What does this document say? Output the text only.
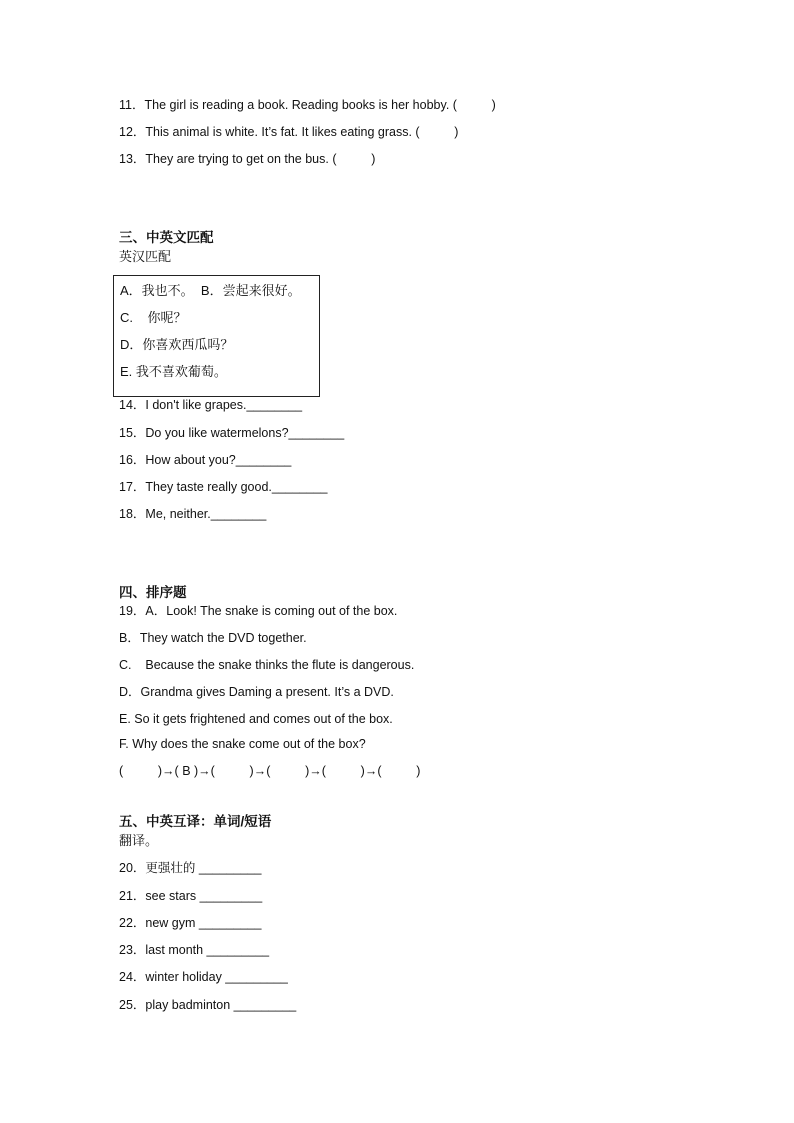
11．The girl is reading a book. Reading books is her hobby. (          )
12．This animal is white. It’s fat. It likes eating grass. (          )
13．They are trying to get on the bus. (          )
三、中英文匹配
英汉匹配
A．我也不。  B．尝起来很好。
C.    你呢？
D．你喜欢西瓜吗？
E. 我不喜欢葡萄。
14．I don't like grapes.________
15．Do you like watermelons?________
16．How about you?________
17．They taste really good.________
18．Me, neither.________
四、排序题
19．A．Look! The snake is coming out of the box.
B．They watch the DVD together.
C.    Because the snake thinks the flute is dangerous.
D．Grandma gives Daming a present. It’s a DVD.
E. So it gets frightened and comes out of the box.
F. Why does the snake come out of the box?
(          )→( B )→(          )→(          )→(          )→(          )
五、中英互译：单词/短语
翻译。
20．更强壮的 _________
21．see stars _________
22．new gym _________
23．last month _________
24．winter holiday _________
25．play badminton _________
